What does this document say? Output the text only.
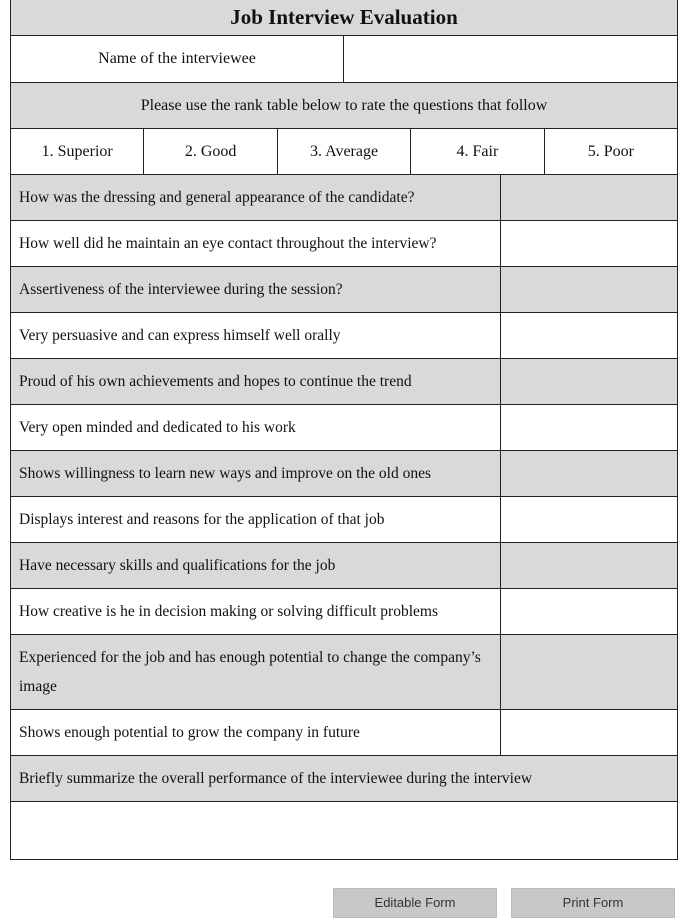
Job Interview Evaluation
Name of the interviewee
Please use the rank table below to rate the questions that follow
1. Superior	2. Good	3. Average	4. Fair	5. Poor
How was the dressing and general appearance of the candidate?
How well did he maintain an eye contact throughout the interview?
Assertiveness of the interviewee during the session?
Very persuasive and can express himself well orally
Proud of his own achievements and hopes to continue the trend
Very open minded and dedicated to his work
Shows willingness to learn new ways and improve on the old ones
Displays interest and reasons for the application of that job
Have necessary skills and qualifications for the job
How creative is he in decision making or solving difficult problems
Experienced for the job and has enough potential to change the company’s image
Shows enough potential to grow the company in future
Briefly summarize the overall performance of the interviewee during the interview
Editable Form	Print Form
